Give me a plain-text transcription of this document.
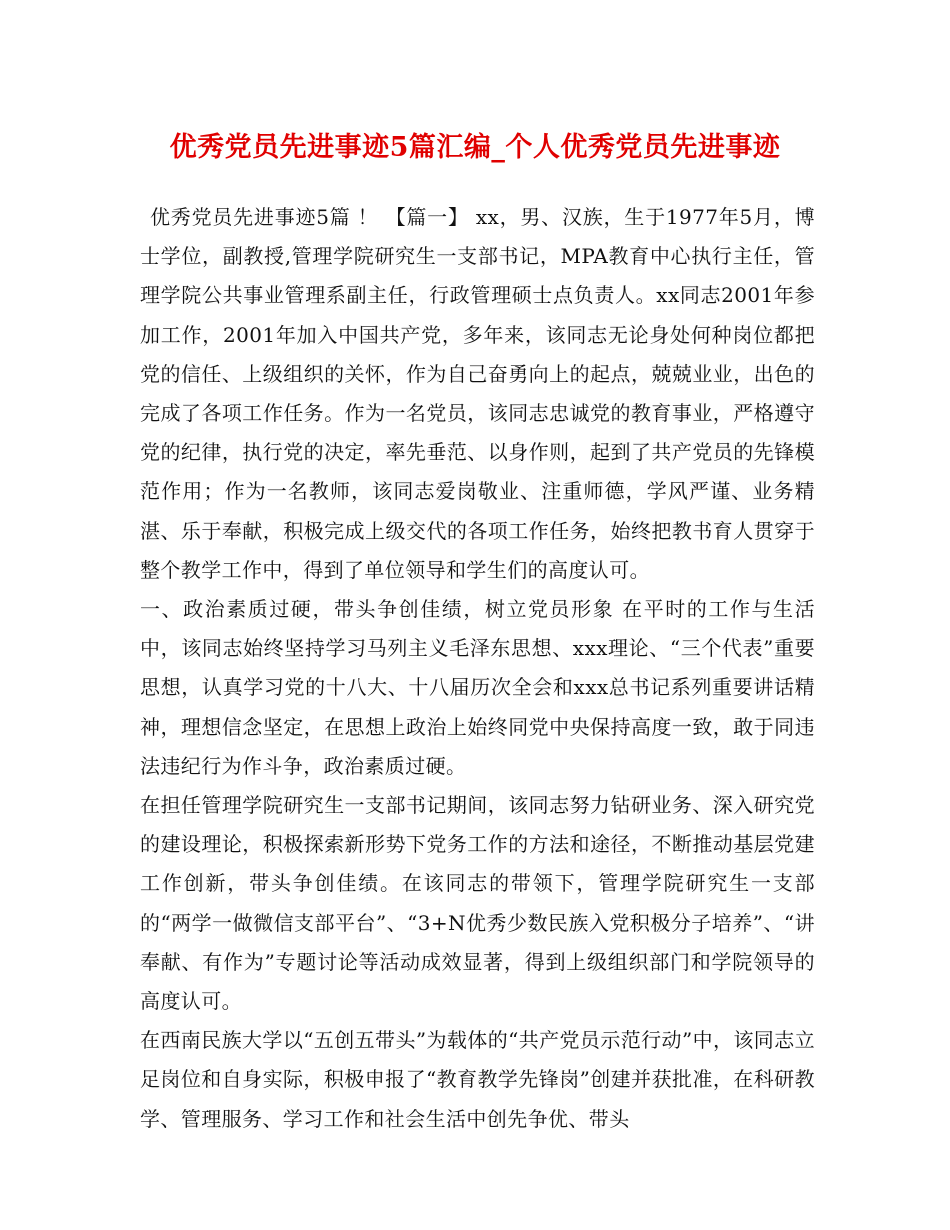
优秀党员先进事迹5篇汇编_个人优秀党员先进事迹

优秀党员先进事迹5篇 ！ 【篇一】 xx，男、汉族，生于1977年5月，博士学位，副教授,管理学院研究生一支部书记，MPA教育中心执行主任，管理学院公共事业管理系副主任，行政管理硕士点负责人。xx同志2001年参加工作，2001年加入中国共产党，多年来，该同志无论身处何种岗位都把党的信任、上级组织的关怀，作为自己奋勇向上的起点，兢兢业业，出色的完成了各项工作任务。作为一名党员，该同志忠诚党的教育事业，严格遵守党的纪律，执行党的决定，率先垂范、以身作则，起到了共产党员的先锋模范作用；作为一名教师，该同志爱岗敬业、注重师德，学风严谨、业务精湛、乐于奉献，积极完成上级交代的各项工作任务，始终把教书育人贯穿于整个教学工作中，得到了单位领导和学生们的高度认可。

一、政治素质过硬，带头争创佳绩，树立党员形象 在平时的工作与生活中，该同志始终坚持学习马列主义毛泽东思想、xxx理论、“三个代表”重要思想，认真学习党的十八大、十八届历次全会和xxx总书记系列重要讲话精神，理想信念坚定，在思想上政治上始终同党中央保持高度一致，敢于同违法违纪行为作斗争，政治素质过硬。

在担任管理学院研究生一支部书记期间，该同志努力钻研业务、深入研究党的建设理论，积极探索新形势下党务工作的方法和途径，不断推动基层党建工作创新，带头争创佳绩。在该同志的带领下，管理学院研究生一支部的“两学一做微信支部平台”、“3+N优秀少数民族入党积极分子培养”、“讲奉献、有作为”专题讨论等活动成效显著，得到上级组织部门和学院领导的高度认可。

在西南民族大学以“五创五带头”为载体的“共产党员示范行动”中，该同志立足岗位和自身实际，积极申报了“教育教学先锋岗”创建并获批准，在科研教学、管理服务、学习工作和社会生活中创先争优、带头
